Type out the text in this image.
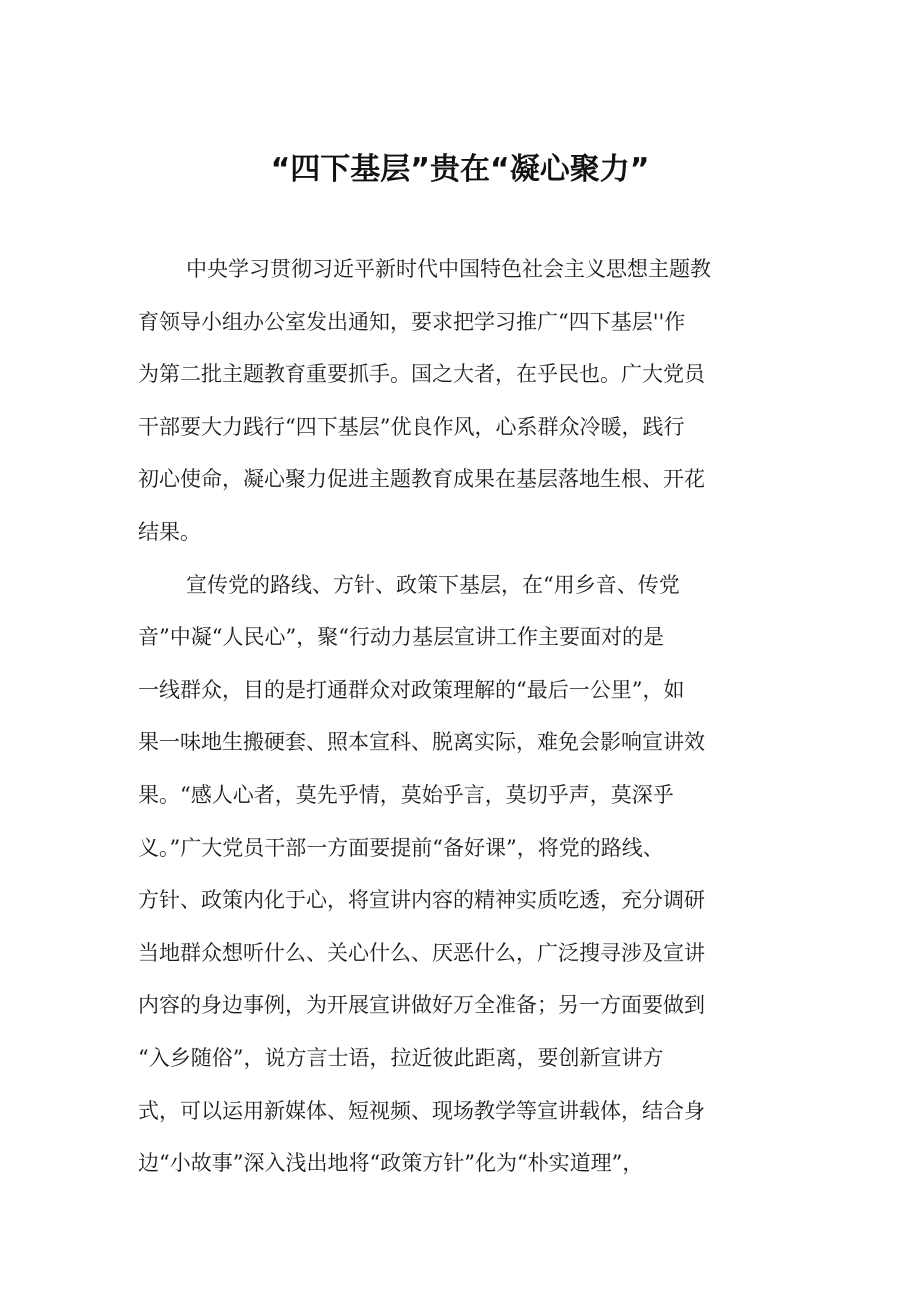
“四下基层”贵在“凝心聚力”
中央学习贯彻习近平新时代中国特色社会主义思想主题教
育领导小组办公室发出通知，要求把学习推广“四下基层''作
为第二批主题教育重要抓手。国之大者，在乎民也。广大党员
干部要大力践行“四下基层”优良作风，心系群众冷暖，践行
初心使命，凝心聚力促进主题教育成果在基层落地生根、开花
结果。
宣传党的路线、方针、政策下基层，在“用乡音、传党
音”中凝“人民心”，聚“行动力基层宣讲工作主要面对的是
一线群众，目的是打通群众对政策理解的“最后一公里”，如
果一味地生搬硬套、照本宣科、脱离实际，难免会影响宣讲效
果。“感人心者，莫先乎情，莫始乎言，莫切乎声，莫深乎
义。”广大党员干部一方面要提前“备好课”，将党的路线、
方针、政策内化于心，将宣讲内容的精神实质吃透，充分调研
当地群众想听什么、关心什么、厌恶什么，广泛搜寻涉及宣讲
内容的身边事例，为开展宣讲做好万全准备；另一方面要做到
“入乡随俗”，说方言士语，拉近彼此距离，要创新宣讲方
式，可以运用新媒体、短视频、现场教学等宣讲载体，结合身
边“小故事”深入浅出地将“政策方针”化为“朴实道理”，
